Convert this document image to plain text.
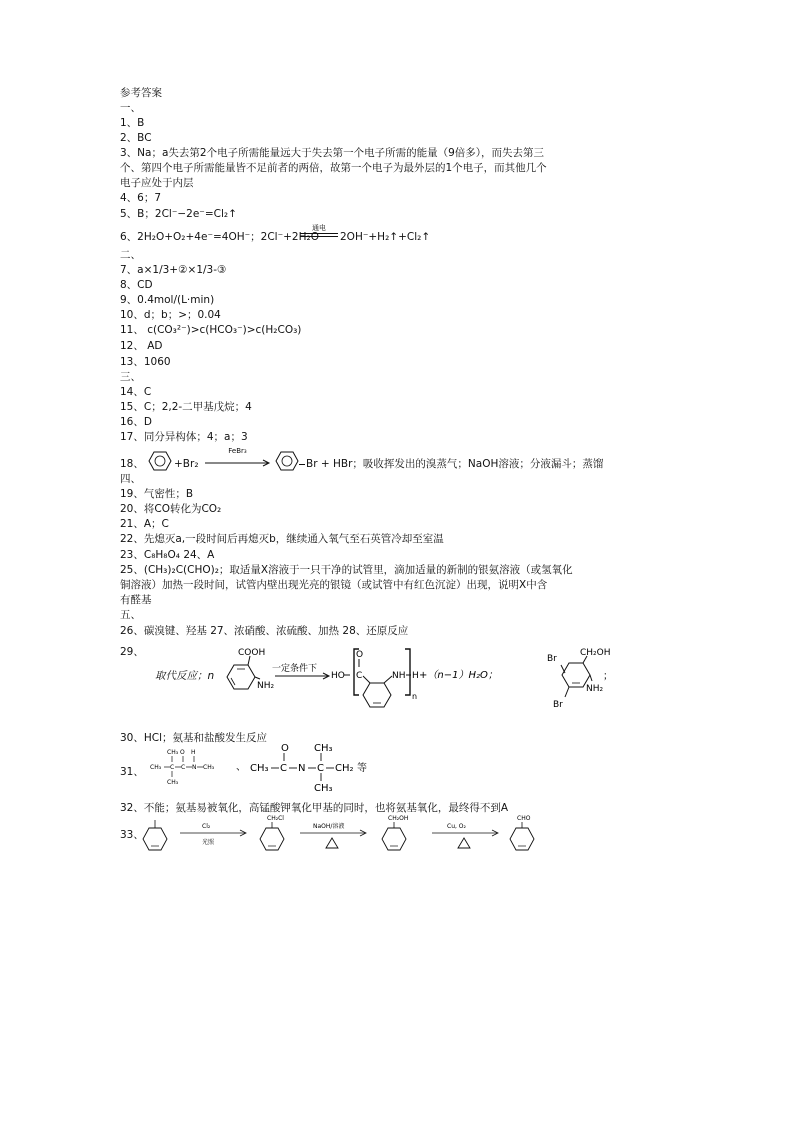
参考答案
一、
1、B
2、BC
3、Na；a失去第2个电子所需能量远大于失去第一个电子所需的能量（9倍多），而失去第三
个、第四个电子所需能量皆不足前者的两倍，故第一个电子为最外层的1个电子，而其他几个
电子应处于内层
4、6；7
5、B；2Cl⁻−2e⁻=Cl₂↑
6、2H₂O+O₂+4e⁻=4OH⁻；2Cl⁻+2H₂O
通电
2OH⁻+H₂↑+Cl₂↑
二、
7、a×1/3+②×1/3-③
8、CD
9、0.4mol/(L·min)
10、d；b；>；0.04
11、 c(CO₃²⁻)>c(HCO₃⁻)>c(H₂CO₃)
12、 AD
13、1060
三、
14、C
15、C；2,2-二甲基戊烷；4
16、D
17、同分异构体；4；a；3
18、	+Br₂
FeBr₃
Br + HBr；吸收挥发出的溴蒸气；NaOH溶液；分液漏斗；蒸馏
四、
19、气密性；B
20、将CO转化为CO₂
21、A；C
22、先熄灭a,一段时间后再熄灭b，继续通入氧气至石英管冷却至室温
23、C₈H₈O₄ 24、A
25、(CH₃)₂C(CHO)₂；取适量X溶液于一只干净的试管里，滴加适量的新制的银氨溶液（或氢氧化
铜溶液）加热一段时间，试管内壁出现光亮的银镜（或试管中有红色沉淀）出现，说明X中含
有醛基
五、
26、碳溴键、羟基 27、浓硝酸、浓硫酸、加热 28、还原反应
29、
取代反应；n
COOH
NH₂
一定条件下
HO C
O
NH H
n
+（n−1）H₂O；
Br
CH₂OH
NH₂
Br
；
30、HCl；氨基和盐酸发生反应
31、 CH₃ C
CH₃
CH₃
C
O
N
H
CH₃ 、 CH₃ C
O
N C
CH₃
CH₃
CH₂ 等
32、不能；氨基易被氧化，高锰酸钾氧化甲基的同时，也将氨基氧化，最终得不到A
33、
Cl₂
光照
CH₂Cl
NaOH/溶液
CH₂OH
Cu, O₂
CHO
